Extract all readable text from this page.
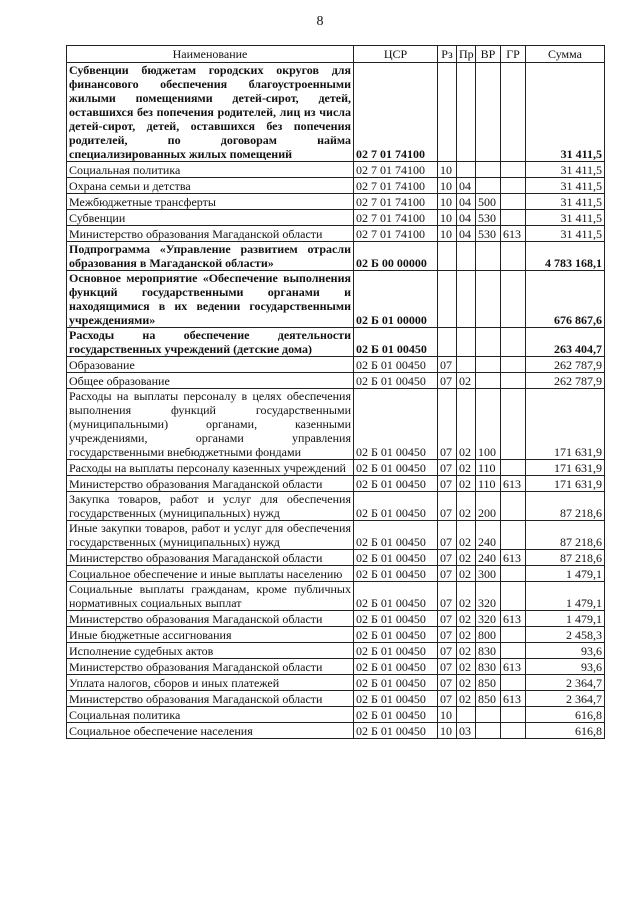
8
Наименование	ЦСР	Рз	Пр	ВР	ГР	Сумма
Субвенции бюджетам городских округов для финансового обеспечения благоустроенными жилыми помещениями детей-сирот, детей, оставшихся без попечения родителей, лиц из числа детей-сирот, детей, оставшихся без попечения родителей, по договорам найма специализированных жилых помещений	02 7 01 74100					31 411,5
Социальная политика	02 7 01 74100	10				31 411,5
Охрана семьи и детства	02 7 01 74100	10	04			31 411,5
Межбюджетные трансферты	02 7 01 74100	10	04	500		31 411,5
Субвенции	02 7 01 74100	10	04	530		31 411,5
Министерство образования Магаданской области	02 7 01 74100	10	04	530	613	31 411,5
Подпрограмма «Управление развитием отрасли образования в Магаданской области»	02 Б 00 00000					4 783 168,1
Основное мероприятие «Обеспечение выполнения функций государственными органами и находящимися в их ведении государственными учреждениями»	02 Б 01 00000					676 867,6
Расходы на обеспечение деятельности государственных учреждений (детские дома)	02 Б 01 00450					263 404,7
Образование	02 Б 01 00450	07				262 787,9
Общее образование	02 Б 01 00450	07	02			262 787,9
Расходы на выплаты персоналу в целях обеспечения выполнения функций государственными (муниципальными) органами, казенными учреждениями, органами управления государственными внебюджетными фондами	02 Б 01 00450	07	02	100		171 631,9
Расходы на выплаты персоналу казенных учреждений	02 Б 01 00450	07	02	110		171 631,9
Министерство образования Магаданской области	02 Б 01 00450	07	02	110	613	171 631,9
Закупка товаров, работ и услуг для обеспечения государственных (муниципальных) нужд	02 Б 01 00450	07	02	200		87 218,6
Иные закупки товаров, работ и услуг для обеспечения государственных (муниципальных) нужд	02 Б 01 00450	07	02	240		87 218,6
Министерство образования Магаданской области	02 Б 01 00450	07	02	240	613	87 218,6
Социальное обеспечение и иные выплаты населению	02 Б 01 00450	07	02	300		1 479,1
Социальные выплаты гражданам, кроме публичных нормативных социальных выплат	02 Б 01 00450	07	02	320		1 479,1
Министерство образования Магаданской области	02 Б 01 00450	07	02	320	613	1 479,1
Иные бюджетные ассигнования	02 Б 01 00450	07	02	800		2 458,3
Исполнение судебных актов	02 Б 01 00450	07	02	830		93,6
Министерство образования Магаданской области	02 Б 01 00450	07	02	830	613	93,6
Уплата налогов, сборов и иных платежей	02 Б 01 00450	07	02	850		2 364,7
Министерство образования Магаданской области	02 Б 01 00450	07	02	850	613	2 364,7
Социальная политика	02 Б 01 00450	10				616,8
Социальное обеспечение населения	02 Б 01 00450	10	03			616,8
